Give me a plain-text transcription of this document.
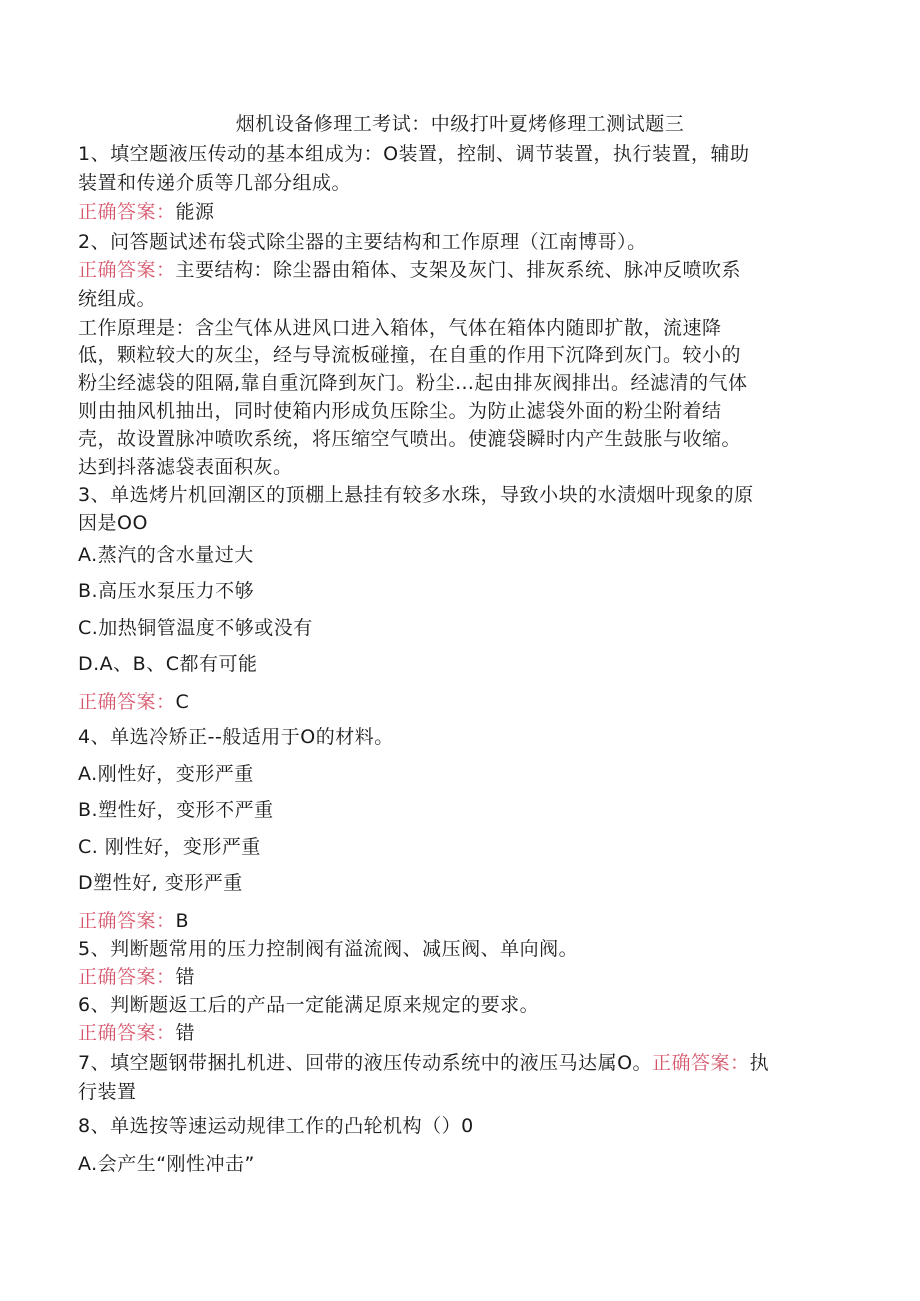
烟机设备修理工考试：中级打叶夏烤修理工测试题三
1、填空题液压传动的基本组成为：O装置，控制、调节装置，执行装置，辅助
装置和传递介质等几部分组成。
正确答案：能源
2、问答题试述布袋式除尘器的主要结构和工作原理（江南博哥）。
正确答案：主要结构：除尘器由箱体、支架及灰门、排灰系统、脉冲反喷吹系
统组成。
工作原理是：含尘气体从进风口进入箱体，气体在箱体内随即扩散，流速降
低，颗粒较大的灰尘，经与导流板碰撞，在自重的作用下沉降到灰门。较小的
粉尘经滤袋的阻隔,靠自重沉降到灰门。粉尘…起由排灰阀排出。经滤清的气体
则由抽风机抽出，同时使箱内形成负压除尘。为防止滤袋外面的粉尘附着结
壳，故设置脉冲喷吹系统，将压缩空气喷出。使漉袋瞬时内产生鼓胀与收缩。
达到抖落滤袋表面积灰。
3、单选烤片机回潮区的顶棚上悬挂有较多水珠，导致小块的水渍烟叶现象的原
因是OO
A.蒸汽的含水量过大
B.高压水泵压力不够
C.加热铜管温度不够或没有
D.A、B、C都有可能
正确答案：C
4、单选冷矫正--般适用于O的材料。
A.刚性好，变形严重
B.塑性好，变形不严重
C. 刚性好，变形严重
D塑性好, 变形严重
正确答案：B
5、判断题常用的压力控制阀有溢流阀、减压阀、单向阀。
正确答案：错
6、判断题返工后的产品一定能满足原来规定的要求。
正确答案：错
7、填空题钢带捆扎机进、回带的液压传动系统中的液压马达属O。正确答案：执
行装置
8、单选按等速运动规律工作的凸轮机构（）0
A.会产生“刚性冲击”
